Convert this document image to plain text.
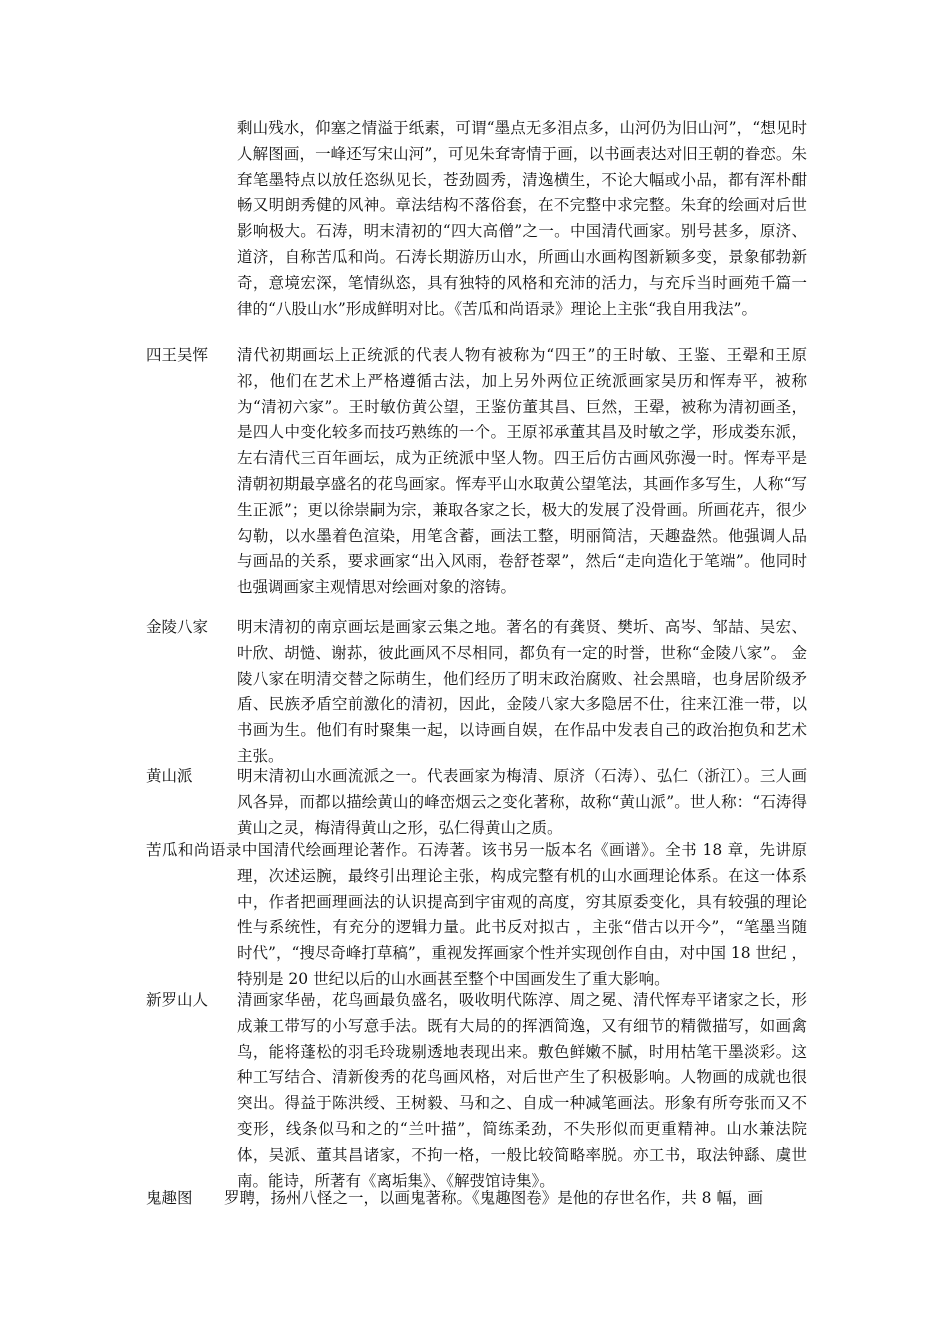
剩山残水，仰塞之情溢于纸素，可谓“墨点无多泪点多，山河仍为旧山河”，“想见时人解图画，一峰还写宋山河”，可见朱耷寄情于画，以书画表达对旧王朝的眷恋。朱耷笔墨特点以放任恣纵见长，苍劲圆秀，清逸横生，不论大幅或小品，都有浑朴酣畅又明朗秀健的风神。章法结构不落俗套，在不完整中求完整。朱耷的绘画对后世影响极大。石涛，明末清初的“四大高僧”之一。中国清代画家。别号甚多，原济、道济，自称苦瓜和尚。石涛长期游历山水，所画山水画构图新颖多变，景象郁勃新奇，意境宏深，笔情纵恣，具有独特的风格和充沛的活力，与充斥当时画苑千篇一律的“八股山水”形成鲜明对比。《苦瓜和尚语录》理论上主张“我自用我法”。

四王吴恽 清代初期画坛上正统派的代表人物有被称为“四王”的王时敏、王鉴、王翚和王原祁，他们在艺术上严格遵循古法，加上另外两位正统派画家吴历和恽寿平，被称为“清初六家”。王时敏仿黄公望，王鉴仿董其昌、巨然，王翚，被称为清初画圣，是四人中变化较多而技巧熟练的一个。王原祁承董其昌及时敏之学，形成娄东派，左右清代三百年画坛，成为正统派中坚人物。四王后仿古画风弥漫一时。恽寿平是清朝初期最享盛名的花鸟画家。恽寿平山水取黄公望笔法，其画作多写生，人称“写生正派”；更以徐崇嗣为宗，兼取各家之长，极大的发展了没骨画。所画花卉，很少勾勒，以水墨着色渲染，用笔含蓄，画法工整，明丽简洁，天趣盎然。他强调人品与画品的关系，要求画家“出入风雨，卷舒苍翠”，然后“走向造化于笔端”。他同时也强调画家主观情思对绘画对象的溶铸。

金陵八家 明末清初的南京画坛是画家云集之地。著名的有龚贤、樊圻、高岑、邹喆、吴宏、叶欣、胡慥、谢荪，彼此画风不尽相同，都负有一定的时誉，世称“金陵八家”。 金陵八家在明清交替之际萌生，他们经历了明末政治腐败、社会黑暗，也身居阶级矛盾、民族矛盾空前激化的清初，因此，金陵八家大多隐居不仕，往来江淮一带，以书画为生。他们有时聚集一起，以诗画自娱，在作品中发表自己的政治抱负和艺术主张。

黄山派	明末清初山水画流派之一。代表画家为梅清、原济（石涛）、弘仁（浙江）。三人画风各异，而都以描绘黄山的峰峦烟云之变化著称，故称“黄山派”。世人称：“石涛得黄山之灵，梅清得黄山之形，弘仁得黄山之质。

苦瓜和尚语录中国清代绘画理论著作。石涛著。该书另一版本名《画谱》。全书 18 章，先讲原理，次述运腕，最终引出理论主张，构成完整有机的山水画理论体系。在这一体系中，作者把画理画法的认识提高到宇宙观的高度，穷其原委变化，具有较强的理论性与系统性，有充分的逻辑力量。此书反对拟古 ，主张“借古以开今”，“笔墨当随时代”，“搜尽奇峰打草稿”，重视发挥画家个性并实现创作自由，对中国 18 世纪 ，特别是 20 世纪以后的山水画甚至整个中国画发生了重大影响。

新罗山人 清画家华喦，花鸟画最负盛名，吸收明代陈淳、周之冕、清代恽寿平诸家之长，形成兼工带写的小写意手法。既有大局的的挥洒简逸，又有细节的精微描写，如画禽鸟，能将蓬松的羽毛玲珑剔透地表现出来。敷色鲜嫩不腻，时用枯笔干墨淡彩。这种工写结合、清新俊秀的花鸟画风格，对后世产生了积极影响。人物画的成就也很突出。得益于陈洪绶、王树毅、马和之、自成一种减笔画法。形象有所夸张而又不变形，线条似马和之的“兰叶描”，简练柔劲，不失形似而更重精神。山水兼法院体，吴派、董其昌诸家，不拘一格，一般比较简略率脱。亦工书，取法钟繇、虞世南。能诗，所著有《离垢集》、《解弢馆诗集》。

鬼趣图 罗聘，扬州八怪之一，以画鬼著称。《鬼趣图卷》是他的存世名作，共 8 幅，画
